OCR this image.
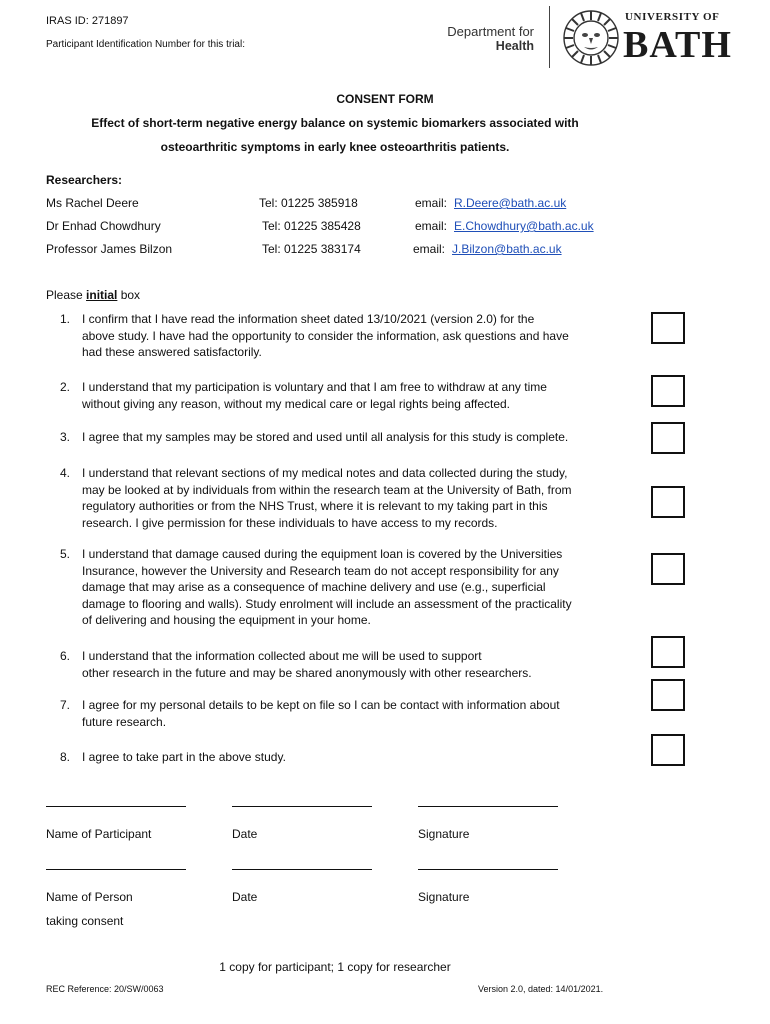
IRAS ID: 271897
Participant Identification Number for this trial:
Department for
Health
UNIVERSITY OF
BATH
CONSENT FORM
Effect of short-term negative energy balance on systemic biomarkers associated with
osteoarthritic symptoms in early knee osteoarthritis patients.
Researchers:
Ms Rachel Deere	Tel: 01225 385918	email: R.Deere@bath.ac.uk
Dr Enhad Chowdhury	Tel: 01225 385428	email: E.Chowdhury@bath.ac.uk
Professor James Bilzon	Tel: 01225 383174	email: J.Bilzon@bath.ac.uk
Please initial box
1. I confirm that I have read the information sheet dated 13/10/2021 (version 2.0) for the
above study. I have had the opportunity to consider the information, ask questions and have
had these answered satisfactorily.
2. I understand that my participation is voluntary and that I am free to withdraw at any time
without giving any reason, without my medical care or legal rights being affected.
3. I agree that my samples may be stored and used until all analysis for this study is complete.
4. I understand that relevant sections of my medical notes and data collected during the study,
may be looked at by individuals from within the research team at the University of Bath, from
regulatory authorities or from the NHS Trust, where it is relevant to my taking part in this
research. I give permission for these individuals to have access to my records.
5. I understand that damage caused during the equipment loan is covered by the Universities
Insurance, however the University and Research team do not accept responsibility for any
damage that may arise as a consequence of machine delivery and use (e.g., superficial
damage to flooring and walls). Study enrolment will include an assessment of the practicality
of delivering and housing the equipment in your home.
6. I understand that the information collected about me will be used to support
other research in the future and may be shared anonymously with other researchers.
7. I agree for my personal details to be kept on file so I can be contact with information about
future research.
8. I agree to take part in the above study.
Name of Participant	Date	Signature
Name of Person
taking consent
Date	Signature
1 copy for participant; 1 copy for researcher
REC Reference: 20/SW/0063	Version 2.0, dated: 14/01/2021.
